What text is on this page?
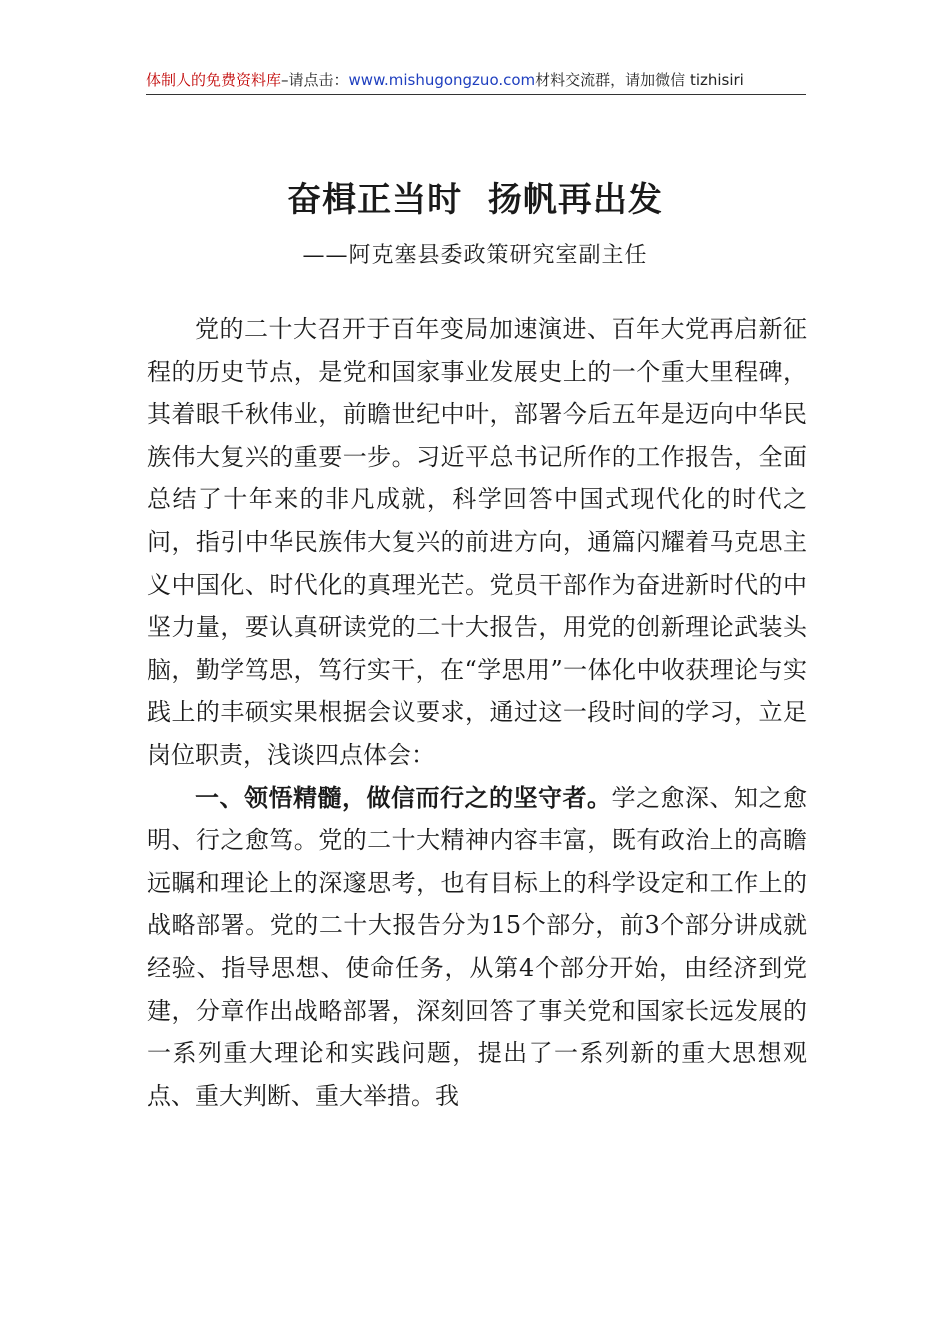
体制人的免费资料库–请点击：www.mishugongzuo.com材料交流群，请加微信 tizhisiri
奋楫正当时  扬帆再出发
——阿克塞县委政策研究室副主任

党的二十大召开于百年变局加速演进、百年大党再启新征程的历史节点，是党和国家事业发展史上的一个重大里程碑，其着眼千秋伟业，前瞻世纪中叶，部署今后五年是迈向中华民族伟大复兴的重要一步。习近平总书记所作的工作报告，全面总结了十年来的非凡成就，科学回答中国式现代化的时代之问，指引中华民族伟大复兴的前进方向，通篇闪耀着马克思主义中国化、时代化的真理光芒。党员干部作为奋进新时代的中坚力量，要认真研读党的二十大报告，用党的创新理论武装头脑，勤学笃思，笃行实干，在“学思用”一体化中收获理论与实践上的丰硕实果根据会议要求，通过这一段时间的学习，立足岗位职责，浅谈四点体会：

一、领悟精髓，做信而行之的坚守者。学之愈深、知之愈明、行之愈笃。党的二十大精神内容丰富，既有政治上的高瞻远瞩和理论上的深邃思考，也有目标上的科学设定和工作上的战略部署。党的二十大报告分为15个部分，前3个部分讲成就经验、指导思想、使命任务，从第4个部分开始，由经济到党建，分章作出战略部署，深刻回答了事关党和国家长远发展的一系列重大理论和实践问题，提出了一系列新的重大思想观点、重大判断、重大举措。我
